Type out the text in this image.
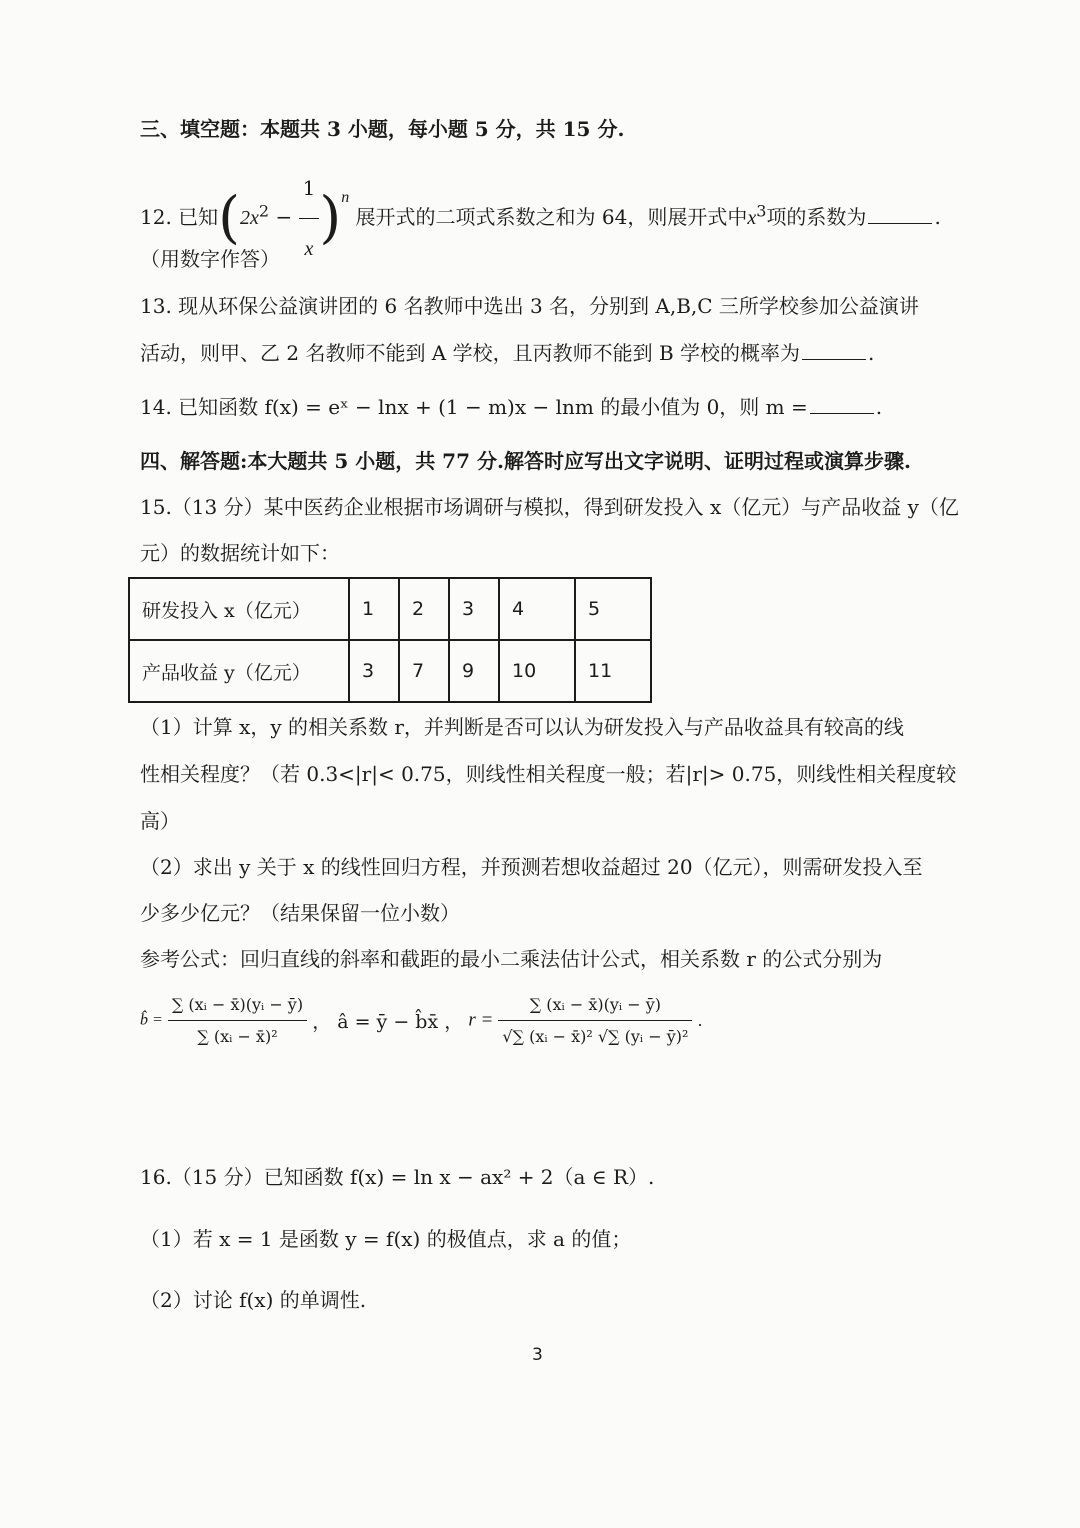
三、填空题：本题共 3 小题，每小题 5 分，共 15 分.
12. 已知$(2x^2 - \frac{1}{x} )^n$ 展开式的二项式系数之和为 64，则展开式中$x^3$项的系数为	.
（用数字作答）
13. 现从环保公益演讲团的 6 名教师中选出 3 名，分别到 A,B,C 三所学校参加公益演讲
活动，则甲、乙 2 名教师不能到 A 学校，且丙教师不能到 B 学校的概率为	.
14. 已知函数 f(x) = eˣ − lnx + (1 − m)x − lnm 的最小值为 0，则 m =	.
四、解答题:本大题共 5 小题，共 77 分.解答时应写出文字说明、证明过程或演算步骤.
15.（13 分）某中医药企业根据市场调研与模拟，得到研发投入 x（亿元）与产品收益 y（亿
元）的数据统计如下：
研发投入 x（亿元）	1	2	3	4	5
产品收益 y（亿元）	3	7	9	10	11
（1）计算 x，y 的相关系数 r，并判断是否可以认为研发投入与产品收益具有较高的线
性相关程度？（若 0.3<|r|< 0.75，则线性相关程度一般；若|r|> 0.75，则线性相关程度较
高）
（2）求出 y 关于 x 的线性回归方程，并预测若想收益超过 20（亿元），则需研发投入至
少多少亿元？（结果保留一位小数）
参考公式：回归直线的斜率和截距的最小二乘法估计公式，相关系数 r 的公式分别为
b̂ = $\frac{\text{∑ (xᵢ − x̄)(yᵢ − ȳ)}}{\text{∑ (xᵢ − x̄)²}}$ ， â = ȳ − b̂x̄ ， $r = \frac{\text{∑ (xᵢ − x̄)(yᵢ − ȳ)}}{\text{√∑ (xᵢ − x̄)² √∑ (yᵢ − ȳ)²}}$ .
16.（15 分）已知函数 f(x) = ln x − ax² + 2（a ∈ R）.
（1）若 x = 1 是函数 y = f(x) 的极值点，求 a 的值；
（2）讨论 f(x) 的单调性.
3
